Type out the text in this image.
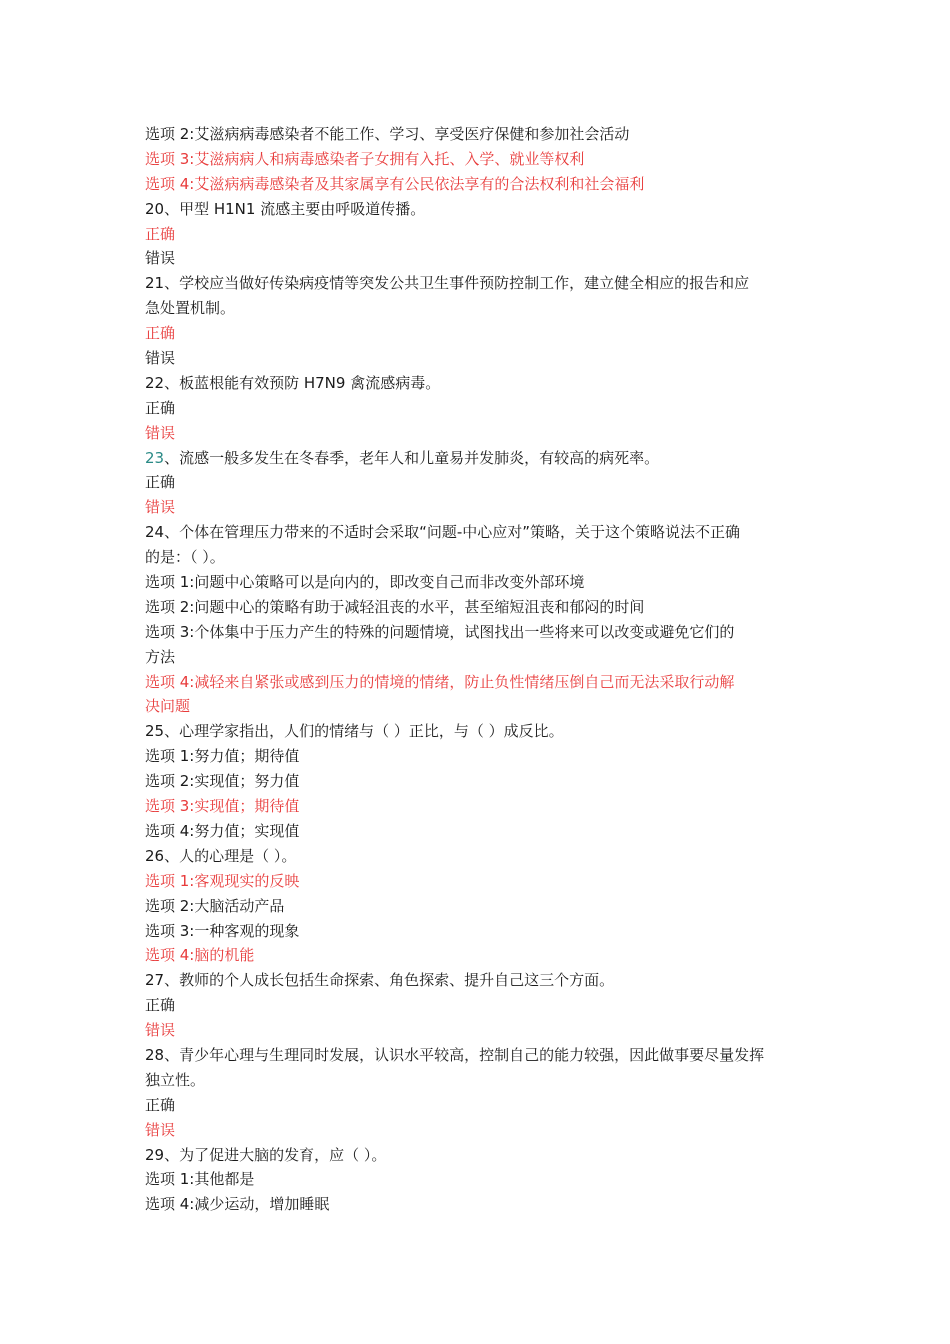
选项 2:艾滋病病毒感染者不能工作、学习、享受医疗保健和参加社会活动
选项 3:艾滋病病人和病毒感染者子女拥有入托、入学、就业等权利
选项 4:艾滋病病毒感染者及其家属享有公民依法享有的合法权利和社会福利
20、甲型 H1N1 流感主要由呼吸道传播。
正确
错误
21、学校应当做好传染病疫情等突发公共卫生事件预防控制工作，建立健全相应的报告和应
急处置机制。
正确
错误
22、板蓝根能有效预防 H7N9 禽流感病毒。
正确
错误
23、流感一般多发生在冬春季，老年人和儿童易并发肺炎，有较高的病死率。
正确
错误
24、个体在管理压力带来的不适时会采取“问题-中心应对”策略，关于这个策略说法不正确
的是：（ ）。
选项 1:问题中心策略可以是向内的，即改变自己而非改变外部环境
选项 2:问题中心的策略有助于减轻沮丧的水平，甚至缩短沮丧和郁闷的时间
选项 3:个体集中于压力产生的特殊的问题情境，试图找出一些将来可以改变或避免它们的
方法
选项 4:减轻来自紧张或感到压力的情境的情绪，防止负性情绪压倒自己而无法采取行动解
决问题
25、心理学家指出，人们的情绪与（ ）正比，与（ ）成反比。
选项 1:努力值；期待值
选项 2:实现值；努力值
选项 3:实现值；期待值
选项 4:努力值；实现值
26、人的心理是（ ）。
选项 1:客观现实的反映
选项 2:大脑活动产品
选项 3:一种客观的现象
选项 4:脑的机能
27、教师的个人成长包括生命探索、角色探索、提升自己这三个方面。
正确
错误
28、青少年心理与生理同时发展，认识水平较高，控制自己的能力较强，因此做事要尽量发挥
独立性。
正确
错误
29、为了促进大脑的发育，应（ ）。
选项 1:其他都是
选项 4:减少运动，增加睡眠
